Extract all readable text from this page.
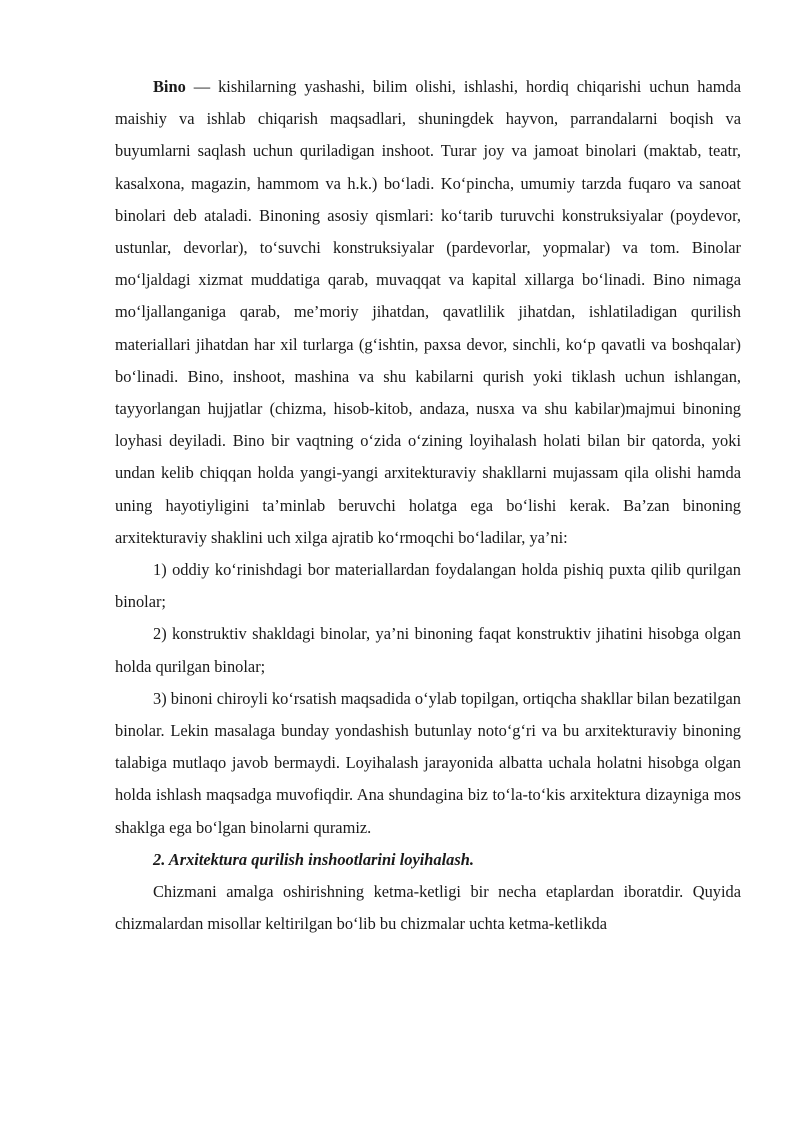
Bino — kishilarning yashashi, bilim olishi, ishlashi, hordiq chiqarishi uchun hamda maishiy va ishlab chiqarish maqsadlari, shuningdek hayvon, parrandalarni boqish va buyumlarni saqlash uchun quriladigan inshoot. Turar joy va jamoat binolari (maktab, teatr, kasalxona, magazin, hammom va h.k.) bo‘ladi. Ko‘pincha, umumiy tarzda fuqaro va sanoat binolari deb ataladi. Binoning asosiy qismlari: ko‘tarib turuvchi konstruksiyalar (poydevor, ustunlar, devorlar), to‘suvchi konstruksiyalar (pardevorlar, yopmalar) va tom. Binolar mo‘ljaldagi xizmat muddatiga qarab, muvaqqat va kapital xillarga bo‘linadi. Bino nimaga mo‘ljallanganiga qarab, me’moriy jihatdan, qavatlilik jihatdan, ishlatiladigan qurilish materiallari jihatdan har xil turlarga (g‘ishtin, paxsa devor, sinchli, ko‘p qavatli va boshqalar) bo‘linadi. Bino, inshoot, mashina va shu kabilarni qurish yoki tiklash uchun ishlangan, tayyorlangan hujjatlar (chizma, hisob-kitob, andaza, nusxa va shu kabilar)majmui binoning loyhasi deyiladi. Bino bir vaqtning o‘zida o‘zining loyihalash holati bilan bir qatorda, yoki undan kelib chiqqan holda yangi-yangi arxitekturaviy shakllarni mujassam qila olishi hamda uning hayotiyligini ta’minlab beruvchi holatga ega bo‘lishi kerak. Ba’zan binoning arxitekturaviy shaklini uch xilga ajratib ko‘rmoqchi bo‘ladilar, ya’ni:

1) oddiy ko‘rinishdagi bor materiallardan foydalangan holda pishiq puxta qilib qurilgan binolar;

2) konstruktiv shakldagi binolar, ya’ni binoning faqat konstruktiv jihatini hisobga olgan holda qurilgan binolar;

3) binoni chiroyli ko‘rsatish maqsadida o‘ylab topilgan, ortiqcha shakllar bilan bezatilgan binolar. Lekin masalaga bunday yondashish butunlay noto‘g‘ri va bu arxitekturaviy binoning talabiga mutlaqo javob bermaydi. Loyihalash jarayonida albatta uchala holatni hisobga olgan holda ishlash maqsadga muvofiqdir. Ana shundagina biz to‘la-to‘kis arxitektura dizayniga mos shaklga ega bo‘lgan binolarni quramiz.

2. Arxitektura qurilish inshootlarini loyihalash.

Chizmani amalga oshirishning ketma-ketligi bir necha etaplardan iboratdir. Quyida chizmalardan misollar keltirilgan bo‘lib bu chizmalar uchta ketma-ketlikda
